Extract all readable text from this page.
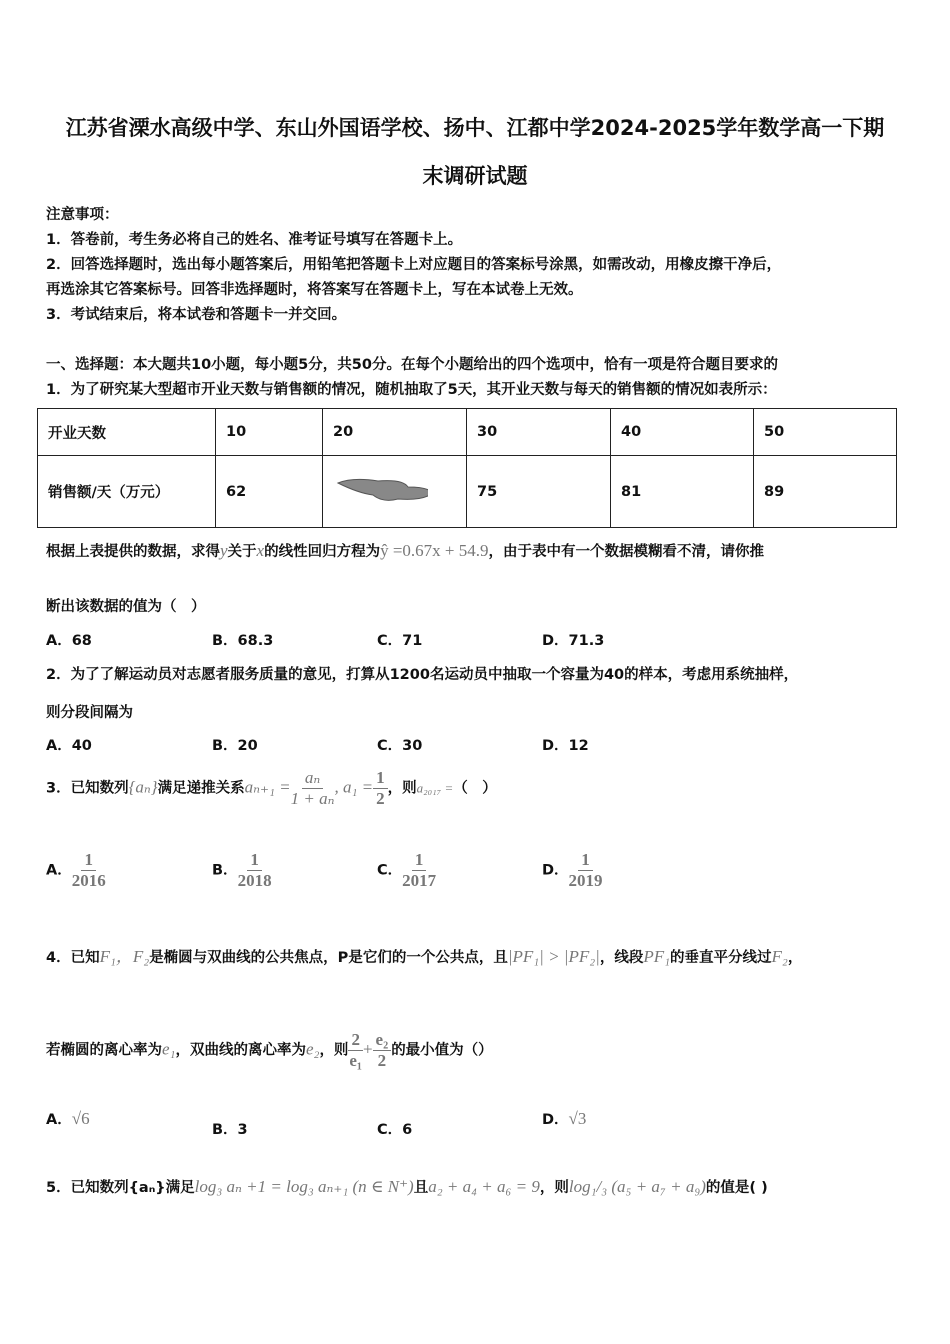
江苏省溧水高级中学、东山外国语学校、扬中、江都中学2024-2025学年数学高一下期
末调研试题
注意事项：
1．答卷前，考生务必将自己的姓名、准考证号填写在答题卡上。
2．回答选择题时，选出每小题答案后，用铅笔把答题卡上对应题目的答案标号涂黑，如需改动，用橡皮擦干净后，
再选涂其它答案标号。回答非选择题时，将答案写在答题卡上，写在本试卷上无效。
3．考试结束后，将本试卷和答题卡一并交回。
一、选择题：本大题共10小题，每小题5分，共50分。在每个小题给出的四个选项中，恰有一项是符合题目要求的
1．为了研究某大型超市开业天数与销售额的情况，随机抽取了5天，其开业天数与每天的销售额的情况如表所示：
开业天数	10	20	30	40	50
销售额/天（万元）	62		75	81	89
根据上表提供的数据，求得y关于x的线性回归方程为ŷ =0.67x + 54.9，由于表中有一个数据模糊看不清，请你推
断出该数据的值为（　）
A．68	B．68.3	C．71	D．71.3
2．为了了解运动员对志愿者服务质量的意见，打算从1200名运动员中抽取一个容量为40的样本，考虑用系统抽样，
则分段间隔为
A．40	B．20	C．30	D．12
3．已知数列{aₙ}满足递推关系$a_{n+1} = \frac{\text{aₙ}}{\text{1 + aₙ}}$ , $a_1 = \frac{1}{2}$ ，则a₂₀₁₇ =（　）
A． $\frac{1}{2016}$	B． $\frac{1}{2018}$	C． $\frac{1}{2017}$	D． $\frac{1}{2019}$
4．已知F₁，F₂是椭圆与双曲线的公共焦点，P是它们的一个公共点，且|PF₁| > |PF₂|，线段PF₁的垂直平分线过F₂，
若椭圆的离心率为e₁，双曲线的离心率为e₂，则 $\frac{2}{\text{e₁}} + \frac{\text{e₂}}{2}$ 的最小值为（）
A．√6
B．3	C．6
D．√3
5．已知数列{aₙ}满足log₃ aₙ +1 = log₃ aₙ₊₁ (n ∈ N⁺)且a₂ + a₄ + a₆ = 9，则log₁/₃ (a₅ + a₇ + a₉)的值是( )
